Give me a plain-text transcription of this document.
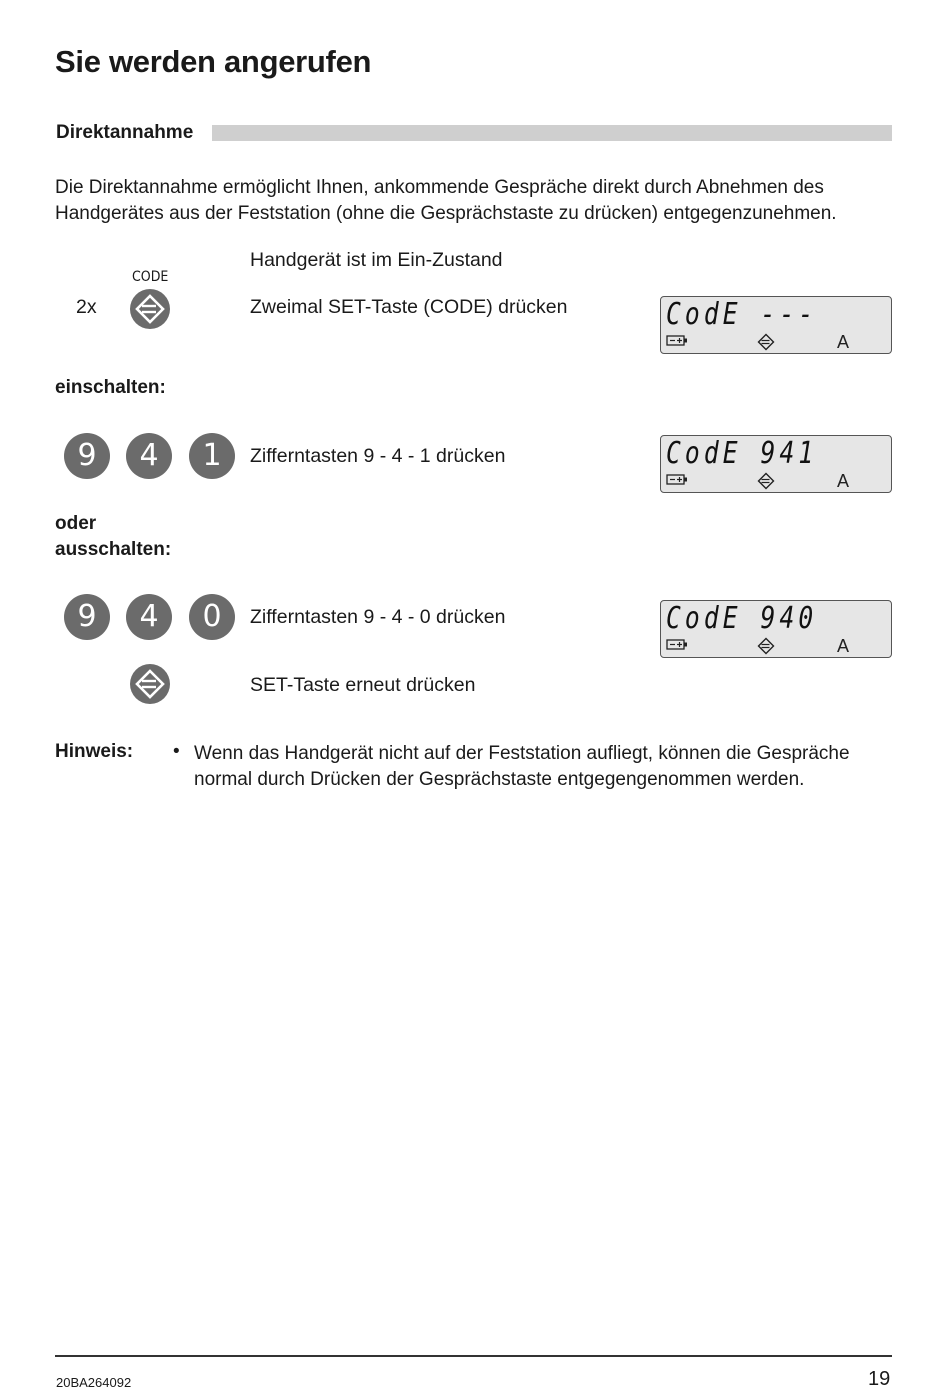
Sie werden angerufen
Direktannahme
Die Direktannahme ermöglicht Ihnen, ankommende Gespräche direkt durch Abnehmen des Handgerätes aus der Feststation (ohne die Gesprächstaste zu drücken) entgegenzunehmen.
Handgerät ist im Ein-Zustand
2x
CODE
Zweimal SET-Taste (CODE) drücken	CodE ---
A
einschalten:
9	4	1	Zifferntasten 9 - 4 - 1 drücken	CodE 941
A
oder
ausschalten:
9	4	0	Zifferntasten 9 - 4 - 0 drücken	CodE 940
A
SET-Taste erneut drücken
Hinweis: • Wenn das Handgerät nicht auf der Feststation aufliegt, können die Gespräche normal durch Drücken der Gesprächstaste entgegengenommen werden.
20BA264092	19
